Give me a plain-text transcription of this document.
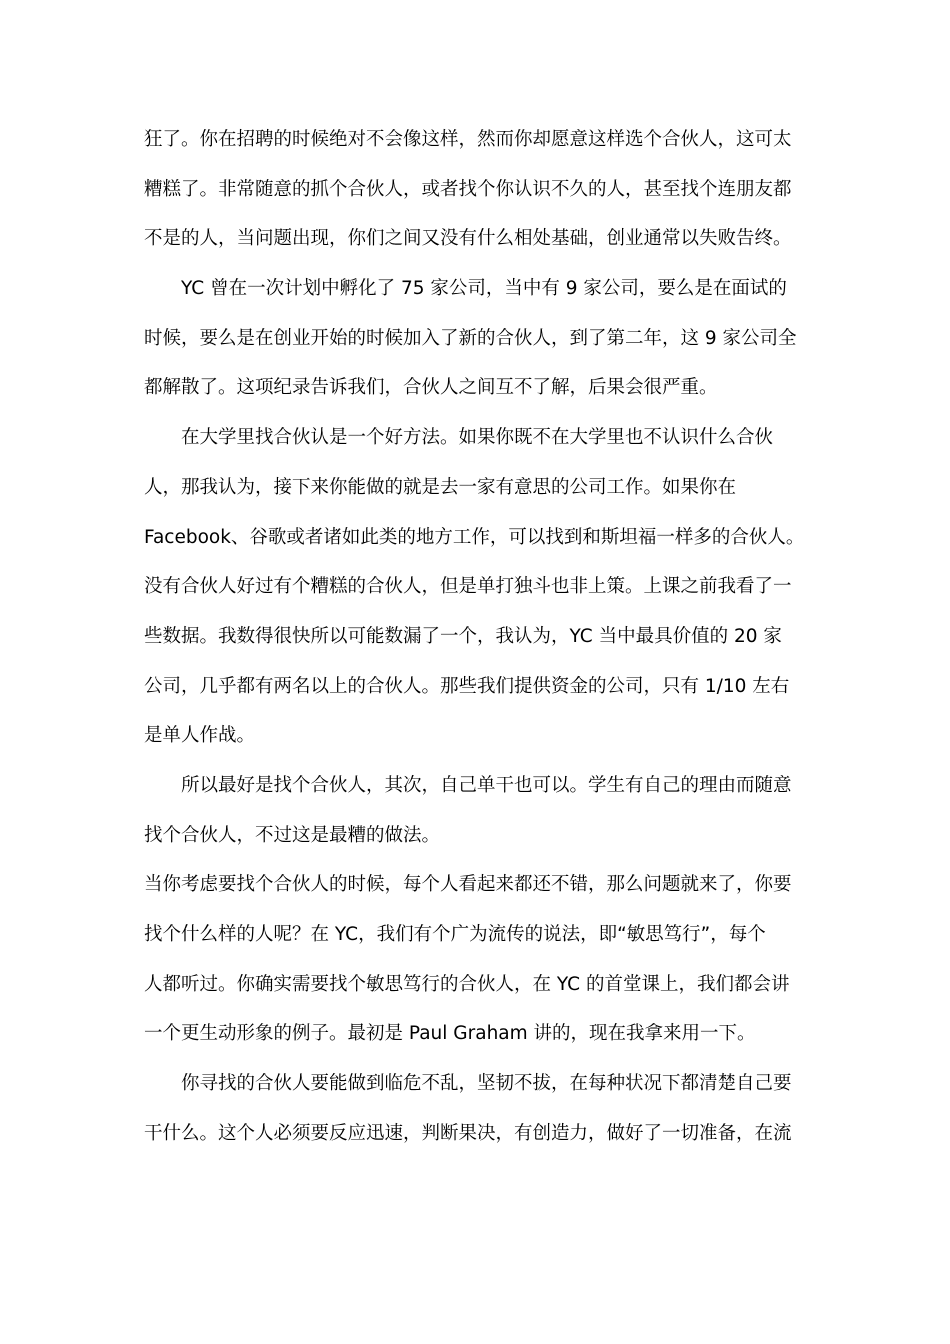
狂了。你在招聘的时候绝对不会像这样，然而你却愿意这样选个合伙人，这可太
糟糕了。非常随意的抓个合伙人，或者找个你认识不久的人，甚至找个连朋友都
不是的人，当问题出现，你们之间又没有什么相处基础，创业通常以失败告终。

YC 曾在一次计划中孵化了 75 家公司，当中有 9 家公司，要么是在面试的
时候，要么是在创业开始的时候加入了新的合伙人，到了第二年，这 9 家公司全
都解散了。这项纪录告诉我们，合伙人之间互不了解，后果会很严重。

在大学里找合伙认是一个好方法。如果你既不在大学里也不认识什么合伙
人，那我认为，接下来你能做的就是去一家有意思的公司工作。如果你在
Facebook、谷歌或者诸如此类的地方工作，可以找到和斯坦福一样多的合伙人。
没有合伙人好过有个糟糕的合伙人，但是单打独斗也非上策。上课之前我看了一
些数据。我数得很快所以可能数漏了一个，我认为，YC 当中最具价值的 20 家
公司，几乎都有两名以上的合伙人。那些我们提供资金的公司，只有 1/10 左右
是单人作战。

所以最好是找个合伙人，其次，自己单干也可以。学生有自己的理由而随意
找个合伙人，不过这是最糟的做法。

当你考虑要找个合伙人的时候，每个人看起来都还不错，那么问题就来了，你要
找个什么样的人呢？在 YC，我们有个广为流传的说法，即“敏思笃行”，每个
人都听过。你确实需要找个敏思笃行的合伙人，在 YC 的首堂课上，我们都会讲
一个更生动形象的例子。最初是 Paul Graham 讲的，现在我拿来用一下。

你寻找的合伙人要能做到临危不乱，坚韧不拔，在每种状况下都清楚自己要
干什么。这个人必须要反应迅速，判断果决，有创造力，做好了一切准备，在流
